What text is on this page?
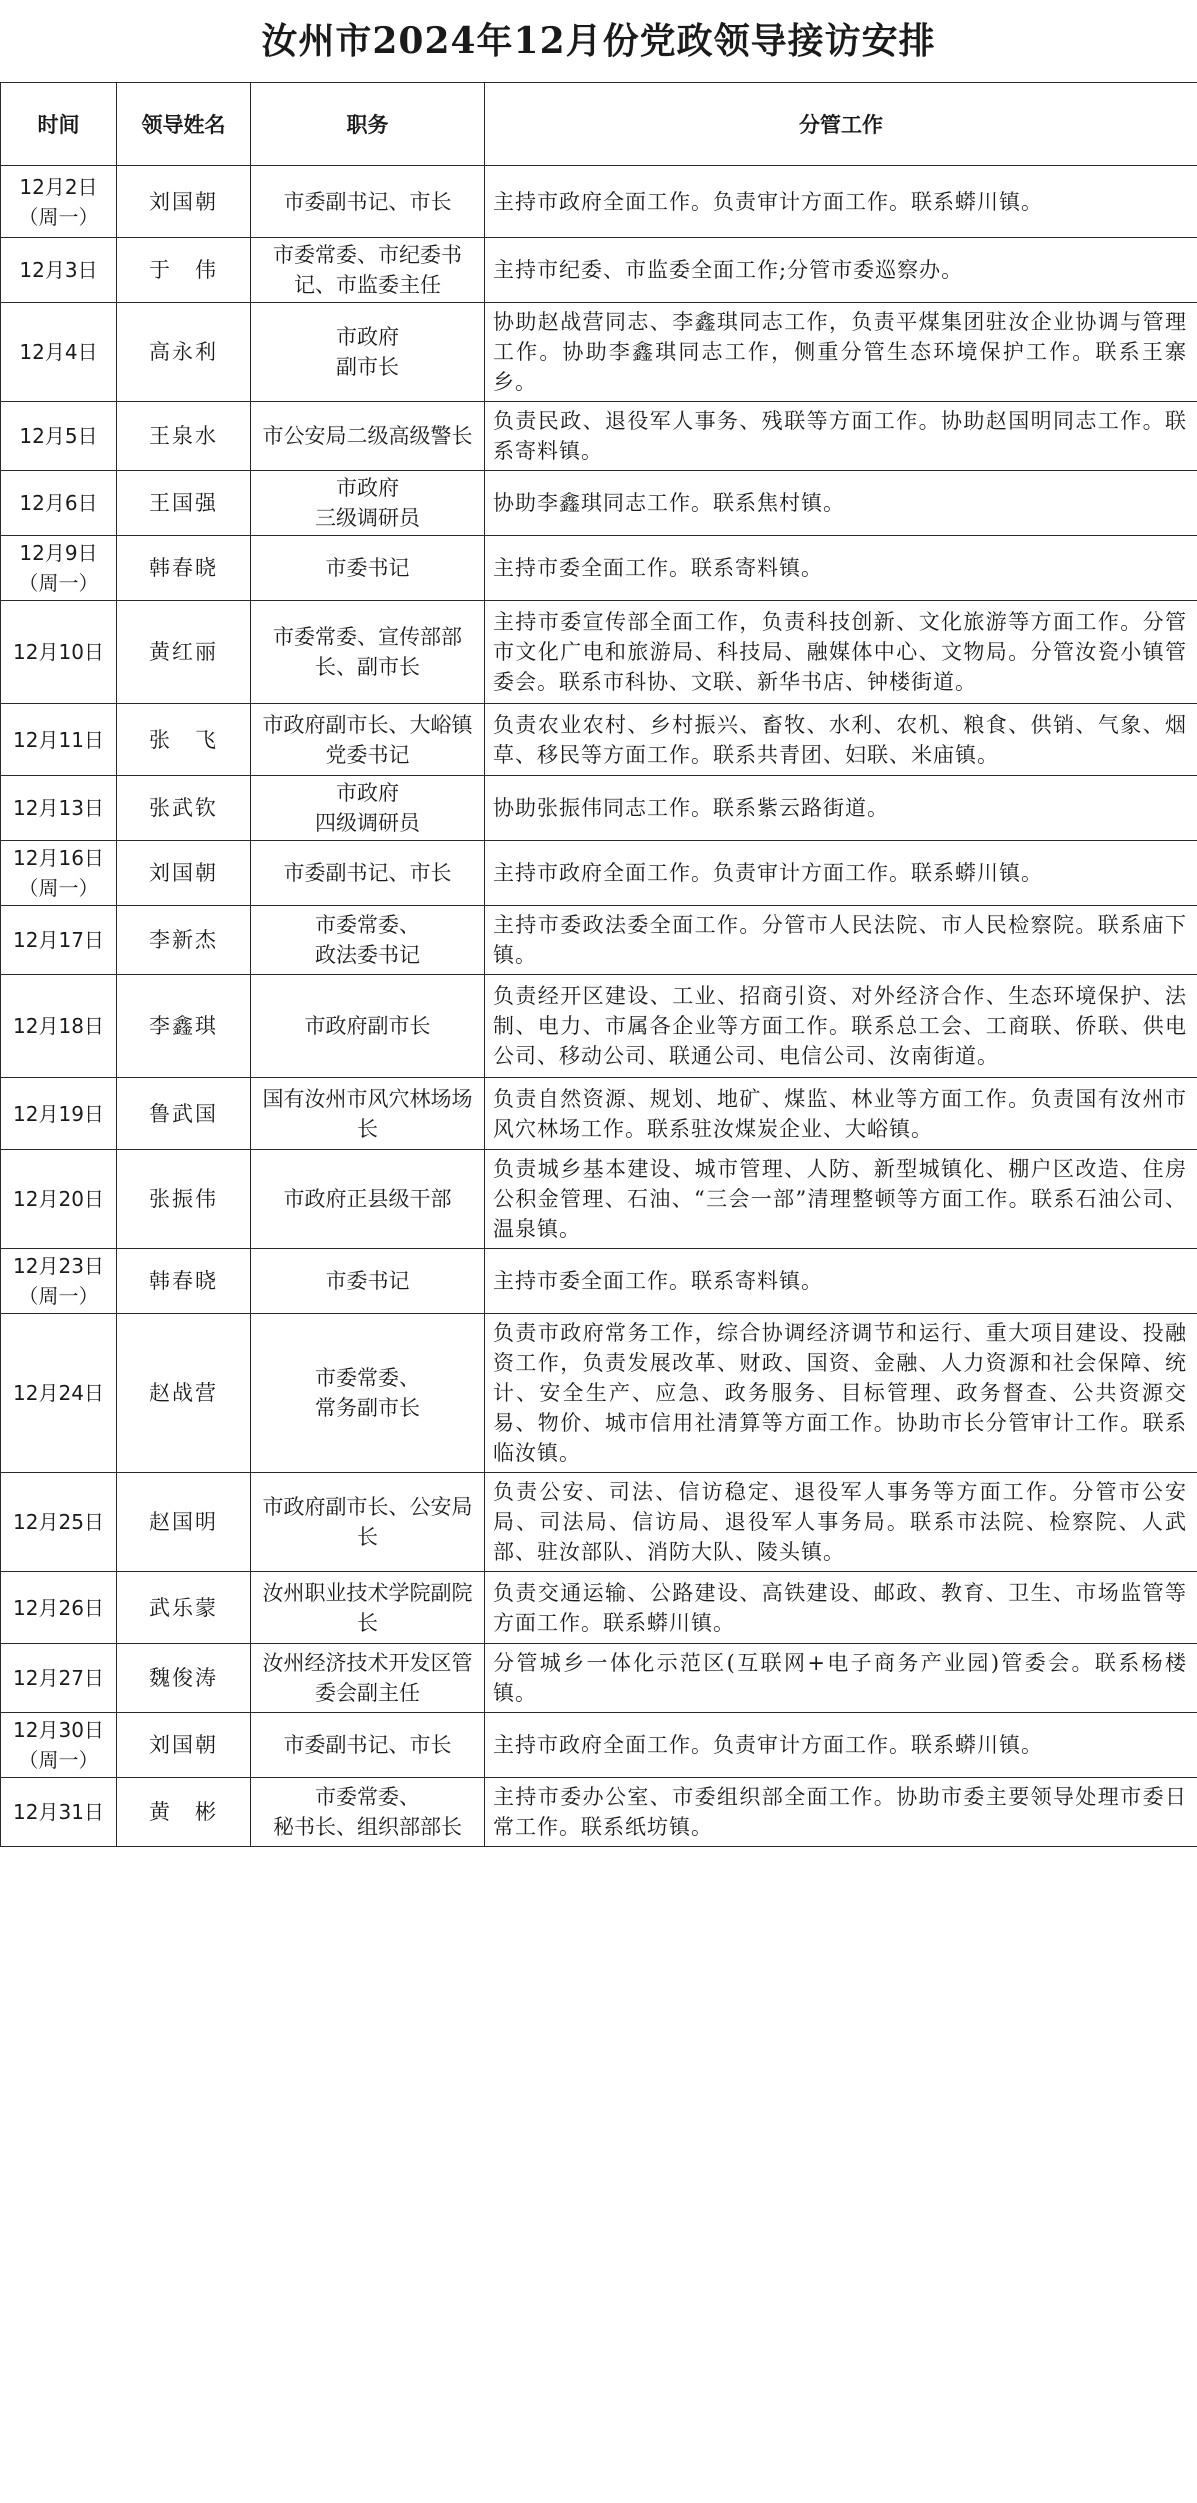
汝州市2024年12月份党政领导接访安排
时间	领导姓名	职务	分管工作

12月2日
（周一）	刘国朝	市委副书记、市长	主持市政府全面工作。负责审计方面工作。联系蟒川镇。

12月3日	于　伟	市委常委、市纪委书记、市监委主任	主持市纪委、市监委全面工作;分管市委巡察办。

12月4日	高永利	市政府
副市长	协助赵战营同志、李鑫琪同志工作，负责平煤集团驻汝企业协调与管理工作。协助李鑫琪同志工作，侧重分管生态环境保护工作。联系王寨乡。

12月5日	王泉水	市公安局二级高级警长	负责民政、退役军人事务、残联等方面工作。协助赵国明同志工作。联系寄料镇。

12月6日	王国强	市政府
三级调研员	协助李鑫琪同志工作。联系焦村镇。

12月9日
（周一）	韩春晓	市委书记	主持市委全面工作。联系寄料镇。

12月10日	黄红丽	市委常委、宣传部部长、副市长	主持市委宣传部全面工作，负责科技创新、文化旅游等方面工作。分管市文化广电和旅游局、科技局、融媒体中心、文物局。分管汝瓷小镇管委会。联系市科协、文联、新华书店、钟楼街道。

12月11日	张　飞	市政府副市长、大峪镇党委书记	负责农业农村、乡村振兴、畜牧、水利、农机、粮食、供销、气象、烟草、移民等方面工作。联系共青团、妇联、米庙镇。

12月13日	张武钦	市政府
四级调研员	协助张振伟同志工作。联系紫云路街道。

12月16日
（周一）	刘国朝	市委副书记、市长	主持市政府全面工作。负责审计方面工作。联系蟒川镇。

12月17日	李新杰	市委常委、
政法委书记	主持市委政法委全面工作。分管市人民法院、市人民检察院。联系庙下镇。

12月18日	李鑫琪	市政府副市长	负责经开区建设、工业、招商引资、对外经济合作、生态环境保护、法制、电力、市属各企业等方面工作。联系总工会、工商联、侨联、供电公司、移动公司、联通公司、电信公司、汝南街道。

12月19日	鲁武国	国有汝州市风穴林场场长	负责自然资源、规划、地矿、煤监、林业等方面工作。负责国有汝州市风穴林场工作。联系驻汝煤炭企业、大峪镇。

12月20日	张振伟	市政府正县级干部	负责城乡基本建设、城市管理、人防、新型城镇化、棚户区改造、住房公积金管理、石油、“三会一部”清理整顿等方面工作。联系石油公司、温泉镇。

12月23日
（周一）	韩春晓	市委书记	主持市委全面工作。联系寄料镇。

12月24日	赵战营	市委常委、
常务副市长	负责市政府常务工作，综合协调经济调节和运行、重大项目建设、投融资工作，负责发展改革、财政、国资、金融、人力资源和社会保障、统计、安全生产、应急、政务服务、目标管理、政务督查、公共资源交易、物价、城市信用社清算等方面工作。协助市长分管审计工作。联系临汝镇。

12月25日	赵国明	市政府副市长、公安局长	负责公安、司法、信访稳定、退役军人事务等方面工作。分管市公安局、司法局、信访局、退役军人事务局。联系市法院、检察院、人武部、驻汝部队、消防大队、陵头镇。

12月26日	武乐蒙	汝州职业技术学院副院长	负责交通运输、公路建设、高铁建设、邮政、教育、卫生、市场监管等方面工作。联系蟒川镇。

12月27日	魏俊涛	汝州经济技术开发区管委会副主任	分管城乡一体化示范区(互联网+电子商务产业园)管委会。联系杨楼镇。

12月30日
（周一）	刘国朝	市委副书记、市长	主持市政府全面工作。负责审计方面工作。联系蟒川镇。

12月31日	黄　彬	市委常委、
秘书长、组织部部长	主持市委办公室、市委组织部全面工作。协助市委主要领导处理市委日常工作。联系纸坊镇。
